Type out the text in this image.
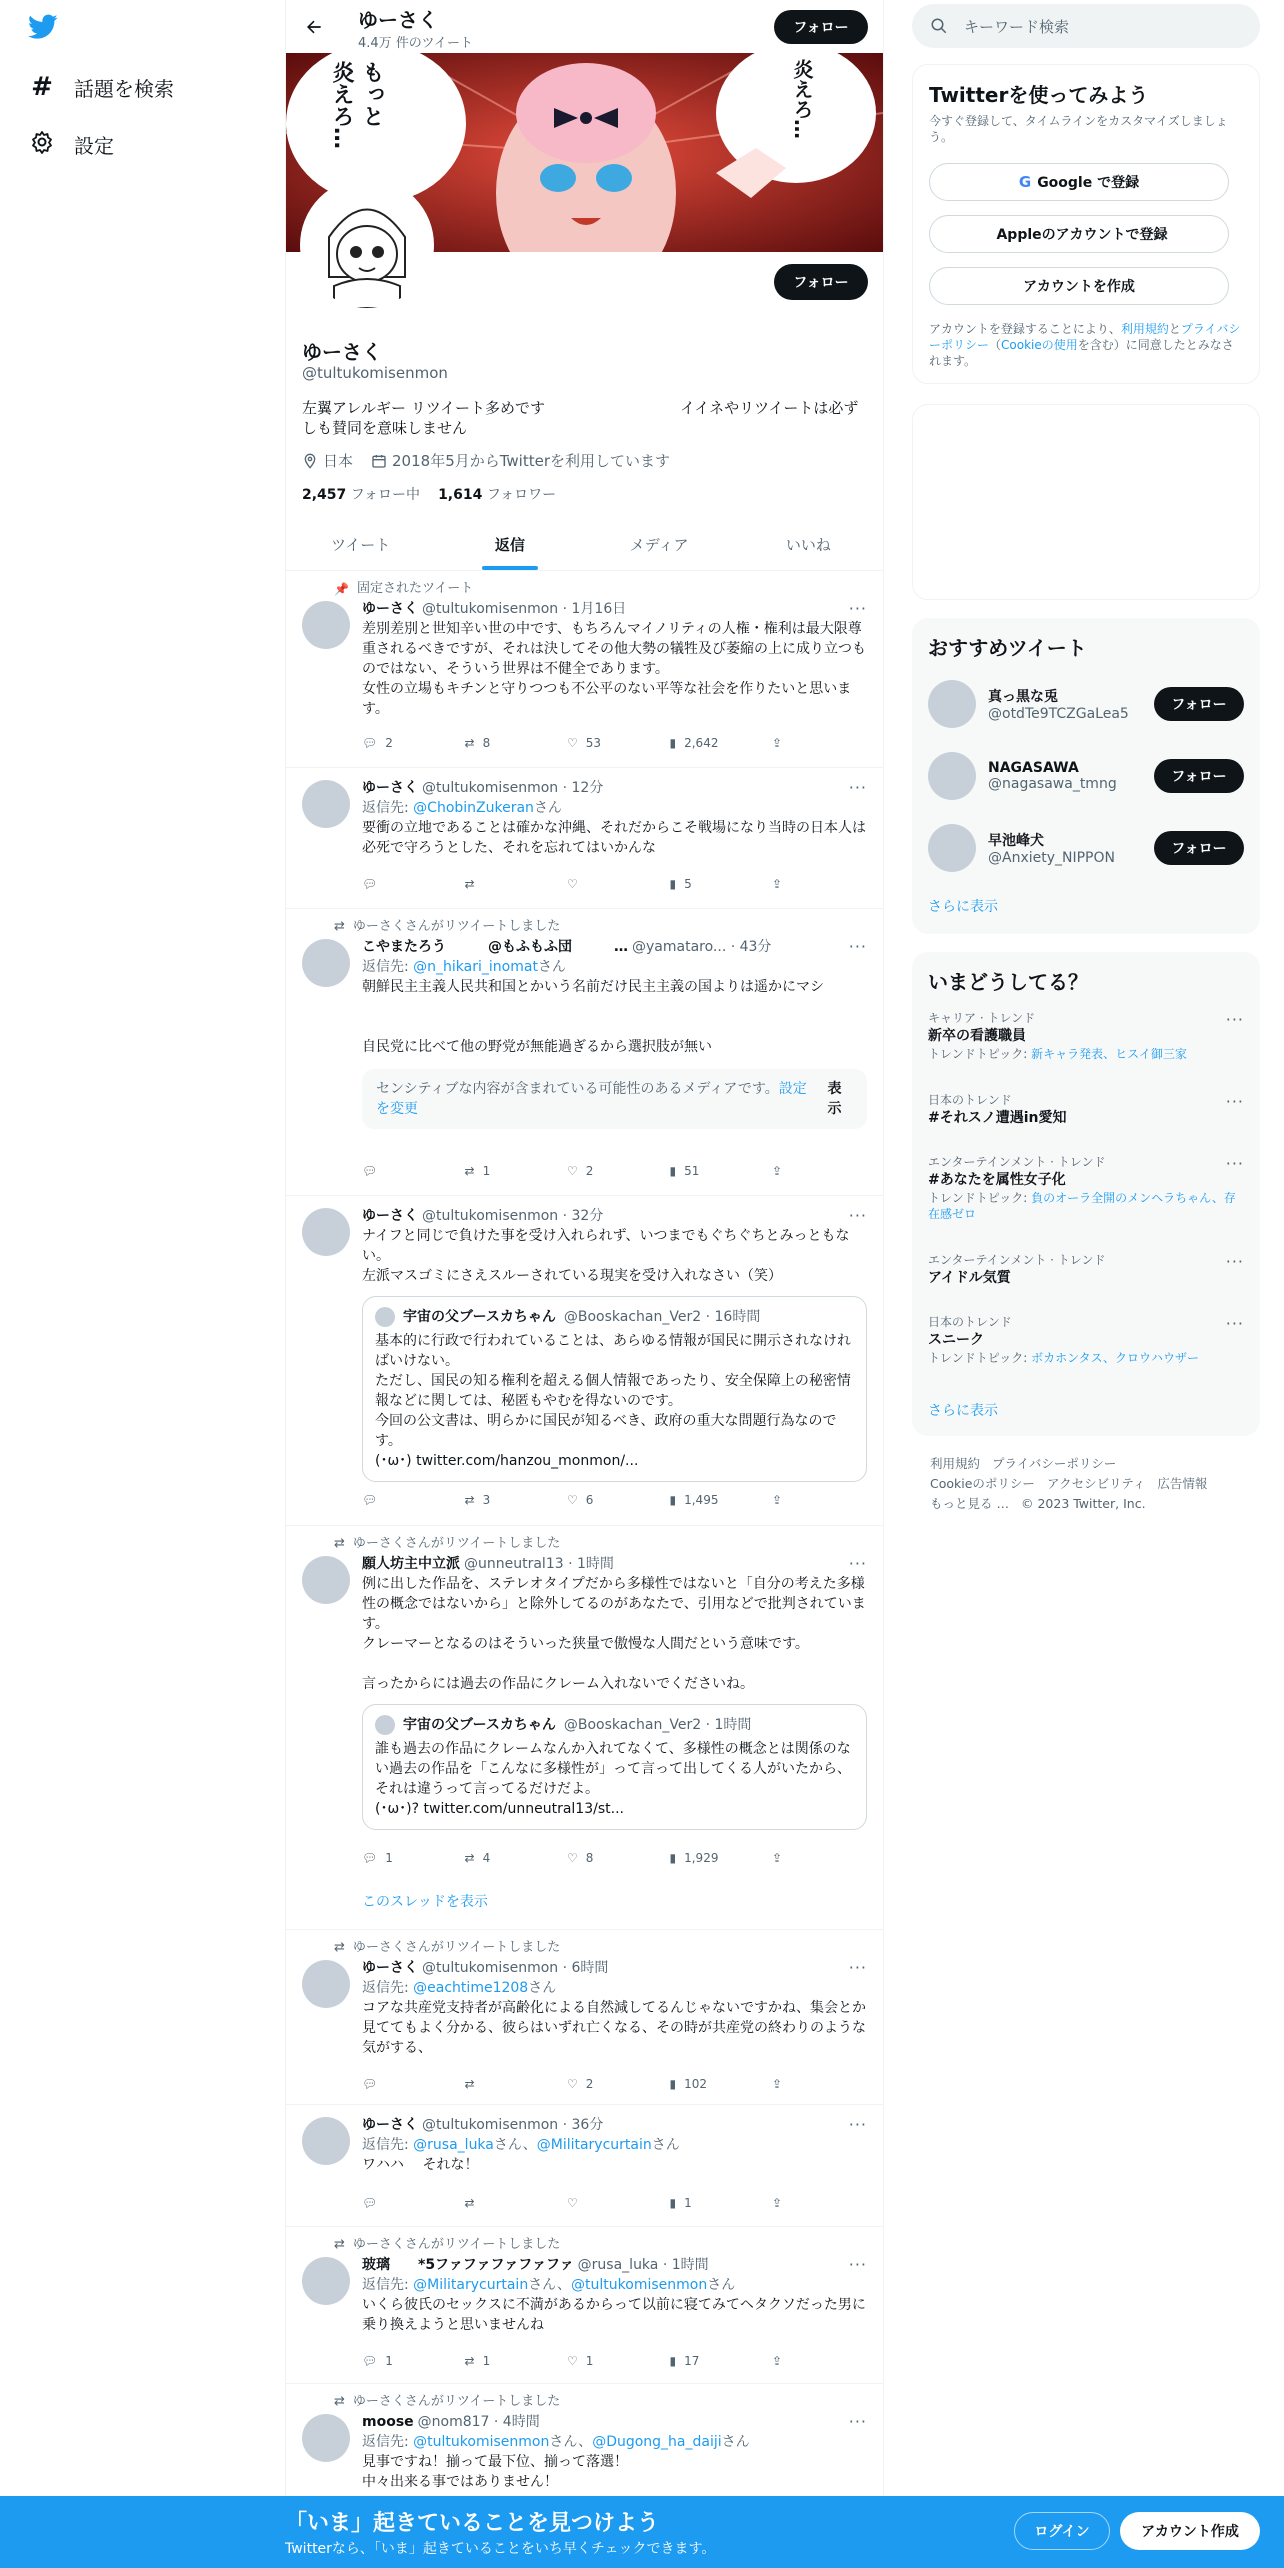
# 話題を検索
設定
ゆーさく
4.4万 件のツイート
フォロー
もっと
炎えろ…	炎えろ…
フォロー
ゆーさく
@tultukomisenmon
左翼アレルギー リツイート多めです　　　　　　　　　イイネやリツイートは必ずしも賛同を意味しません
日本	2018年5月からTwitterを利用しています
2,457 フォロー中 1,614 フォロワー
ツイート	返信	メディア	いいね
📌 固定されたツイート
ゆーさく @tultukomisenmon · 1月16日
差別差別と世知辛い世の中です、もちろんマイノリティの人権・権利は最大限尊重されるべきですが、それは決してその他大勢の犠牲及び萎縮の上に成り立つものではない、そういう世界は不健全であります。
女性の立場もキチンと守りつつも不公平のない平等な社会を作りたいと思います。
···
💬︎ 2	⇄ 8	♡ 53	▮ 2,642	⇪
ゆーさく @tultukomisenmon · 12分
返信先: @ChobinZukeranさん
要衝の立地であることは確かな沖縄、それだからこそ戦場になり当時の日本人は必死で守ろうとした、それを忘れてはいかんな
···
💬︎	⇄	♡	▮ 5	⇪
⇄ ゆーさくさんがリツイートしました
こやまたろう　　　@もふもふ団　　　… @yamataro... · 43分
返信先: @n_hikari_inomatさん
朝鮮民主主義人民共和国とかいう名前だけ民主主義の国よりは遥かにマシ

自民党に比べて他の野党が無能過ぎるから選択肢が無い
センシティブな内容が含まれている可能性のあるメディアです。設定を変更
表示
···
💬︎	⇄ 1	♡ 2	▮ 51	⇪
ゆーさく @tultukomisenmon · 32分
ナイフと同じで負けた事を受け入れられず、いつまでもぐちぐちとみっともない。
左派マスゴミにさえスルーされている現実を受け入れなさい（笑）
宇宙の父ブースカちゃん @Booskachan_Ver2 · 16時間
基本的に行政で行われていることは、あらゆる情報が国民に開示されなければいけない。
ただし、国民の知る権利を超える個人情報であったり、安全保障上の秘密情報などに関しては、秘匿もやむを得ないのです。
今回の公文書は、明らかに国民が知るべき、政府の重大な問題行為なのです。
(･ω･) twitter.com/hanzou_monmon/...
···
💬︎	⇄ 3	♡ 6	▮ 1,495	⇪
⇄ ゆーさくさんがリツイートしました
願人坊主中立派 @unneutral13 · 1時間
例に出した作品を、ステレオタイプだから多様性ではないと「自分の考えた多様性の概念ではないから」と除外してるのがあなたで、引用などで批判されています。
クレーマーとなるのはそういった狭量で傲慢な人間だという意味です。

言ったからには過去の作品にクレーム入れないでくださいね。
宇宙の父ブースカちゃん @Booskachan_Ver2 · 1時間
誰も過去の作品にクレームなんか入れてなくて、多様性の概念とは関係のない過去の作品を「こんなに多様性が」って言って出してくる人がいたから、それは違うって言ってるだけだよ。
(･ω･)? twitter.com/unneutral13/st...
···
💬︎ 1	⇄ 4	♡ 8	▮ 1,929	⇪
このスレッドを表示
⇄ ゆーさくさんがリツイートしました
ゆーさく @tultukomisenmon · 6時間
返信先: @eachtime1208さん
コアな共産党支持者が高齢化による自然減してるんじゃないですかね、集会とか見ててもよく分かる、彼らはいずれ亡くなる、その時が共産党の終わりのような気がする、
···
💬︎	⇄	♡ 2	▮ 102	⇪
ゆーさく @tultukomisenmon · 36分
返信先: @rusa_lukaさん、@Militarycurtainさん
ワハハ　 それな！
···
💬︎	⇄	♡	▮ 1	⇪
⇄ ゆーさくさんがリツイートしました
玻璃　　*5ファファファファファ @rusa_luka · 1時間
返信先: @Militarycurtainさん、@tultukomisenmonさん
いくら彼氏のセックスに不満があるからって以前に寝てみてヘタクソだった男に乗り換えようと思いませんね
···
💬︎ 1	⇄ 1	♡ 1	▮ 17	⇪
⇄ ゆーさくさんがリツイートしました
moose @nom817 · 4時間
返信先: @tultukomisenmonさん、@Dugong_ha_daijiさん
見事ですね！揃って最下位、揃って落選！
中々出来る事ではありません！
···
キーワード検索
Twitterを使ってみよう
今すぐ登録して、タイムラインをカスタマイズしましょう。
G Google で登録
Appleのアカウントで登録
アカウントを作成
アカウントを登録することにより、利用規約とプライバシーポリシー（Cookieの使用を含む）に同意したとみなされます。
おすすめツイート
真っ黒な兎
@otdTe9TCZGaLea5
フォロー
NAGASAWA
@nagasawa_tmng	フォロー
早池峰犬
@Anxiety_NIPPON
フォロー
さらに表示
いまどうしてる？
キャリア · トレンド
新卒の看護職員
トレンドトピック: 新キャラ発表、ヒスイ御三家
···
日本のトレンド
#それスノ遭遇in愛知
···
エンターテインメント · トレンド
#あなたを属性女子化
トレンドトピック: 負のオーラ全開のメンヘラちゃん、存在感ゼロ
···
エンターテインメント · トレンド
アイドル気質
···
日本のトレンド
スニーク
トレンドトピック: ボカホンタス、クロウハウザー
···
さらに表示
利用規約 プライバシーポリシー
Cookieのポリシー アクセシビリティ 広告情報
もっと見る … © 2023 Twitter, Inc.
「いま」起きていることを見つけよう
Twitterなら、「いま」起きていることをいち早くチェックできます。
ログイン	アカウント作成
